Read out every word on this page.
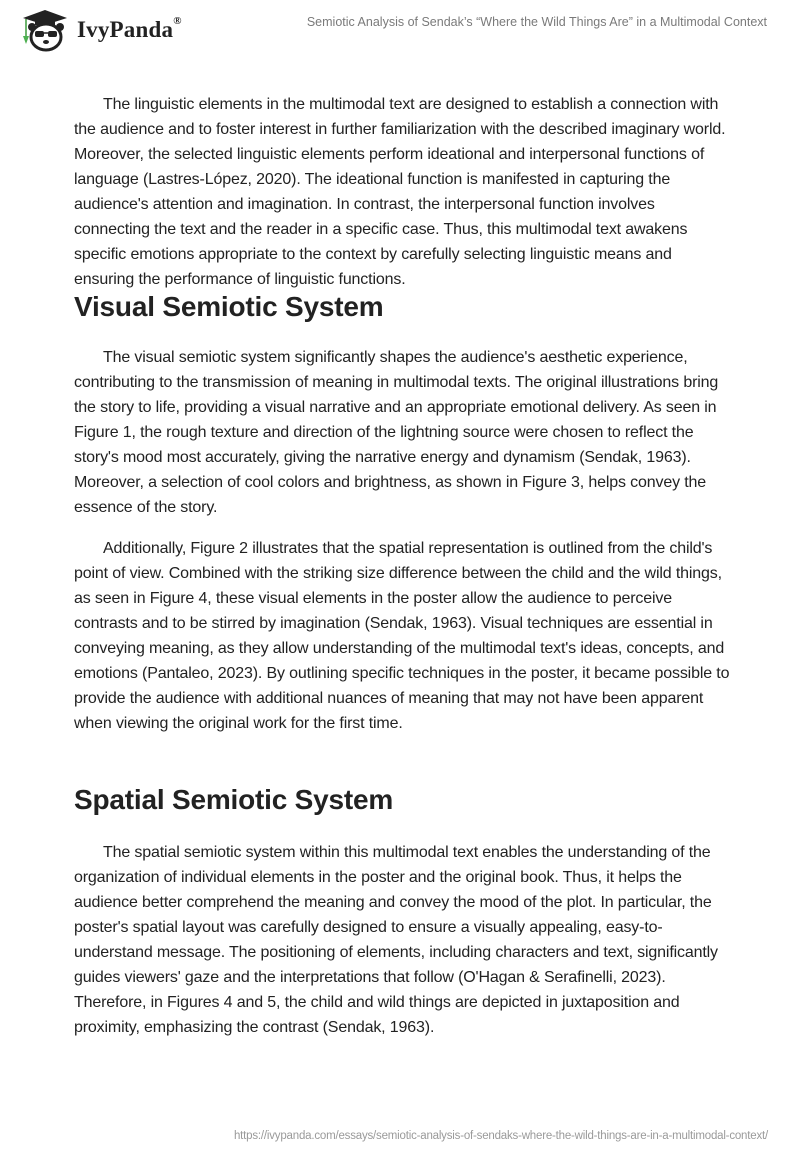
IvyPanda®	Semiotic Analysis of Sendak’s “Where the Wild Things Are” in a Multimodal Context

The linguistic elements in the multimodal text are designed to establish a connection with the audience and to foster interest in further familiarization with the described imaginary world. Moreover, the selected linguistic elements perform ideational and interpersonal functions of language (Lastres-López, 2020). The ideational function is manifested in capturing the audience's attention and imagination. In contrast, the interpersonal function involves connecting the text and the reader in a specific case. Thus, this multimodal text awakens specific emotions appropriate to the context by carefully selecting linguistic means and ensuring the performance of linguistic functions.

Visual Semiotic System

The visual semiotic system significantly shapes the audience's aesthetic experience, contributing to the transmission of meaning in multimodal texts. The original illustrations bring the story to life, providing a visual narrative and an appropriate emotional delivery. As seen in Figure 1, the rough texture and direction of the lightning source were chosen to reflect the story's mood most accurately, giving the narrative energy and dynamism (Sendak, 1963). Moreover, a selection of cool colors and brightness, as shown in Figure 3, helps convey the essence of the story.

Additionally, Figure 2 illustrates that the spatial representation is outlined from the child's point of view. Combined with the striking size difference between the child and the wild things, as seen in Figure 4, these visual elements in the poster allow the audience to perceive contrasts and to be stirred by imagination (Sendak, 1963). Visual techniques are essential in conveying meaning, as they allow understanding of the multimodal text's ideas, concepts, and emotions (Pantaleo, 2023). By outlining specific techniques in the poster, it became possible to provide the audience with additional nuances of meaning that may not have been apparent when viewing the original work for the first time.

Spatial Semiotic System

The spatial semiotic system within this multimodal text enables the understanding of the organization of individual elements in the poster and the original book. Thus, it helps the audience better comprehend the meaning and convey the mood of the plot. In particular, the poster's spatial layout was carefully designed to ensure a visually appealing, easy-to-understand message. The positioning of elements, including characters and text, significantly guides viewers' gaze and the interpretations that follow (O'Hagan & Serafinelli, 2023). Therefore, in Figures 4 and 5, the child and wild things are depicted in juxtaposition and proximity, emphasizing the contrast (Sendak, 1963).

https://ivypanda.com/essays/semiotic-analysis-of-sendaks-where-the-wild-things-are-in-a-multimodal-context/
